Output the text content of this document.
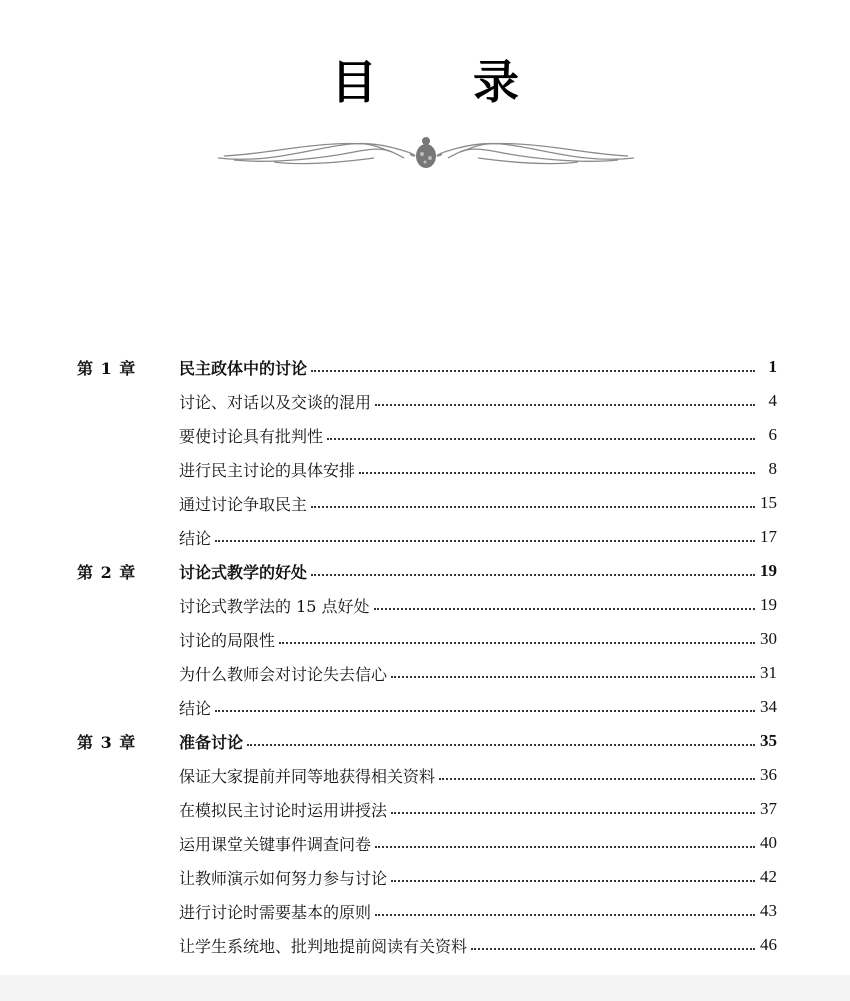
目录
第 1 章	民主政体中的讨论	1
讨论、对话以及交谈的混用	4
要使讨论具有批判性	6
进行民主讨论的具体安排	8
通过讨论争取民主	15
结论	17
第 2 章	讨论式教学的好处	19
讨论式教学法的 15 点好处	19
讨论的局限性	30
为什么教师会对讨论失去信心	31
结论	34
第 3 章	准备讨论	35
保证大家提前并同等地获得相关资料	36
在模拟民主讨论时运用讲授法	37
运用课堂关键事件调查问卷	40
让教师演示如何努力参与讨论	42
进行讨论时需要基本的原则	43
让学生系统地、批判地提前阅读有关资料	46
